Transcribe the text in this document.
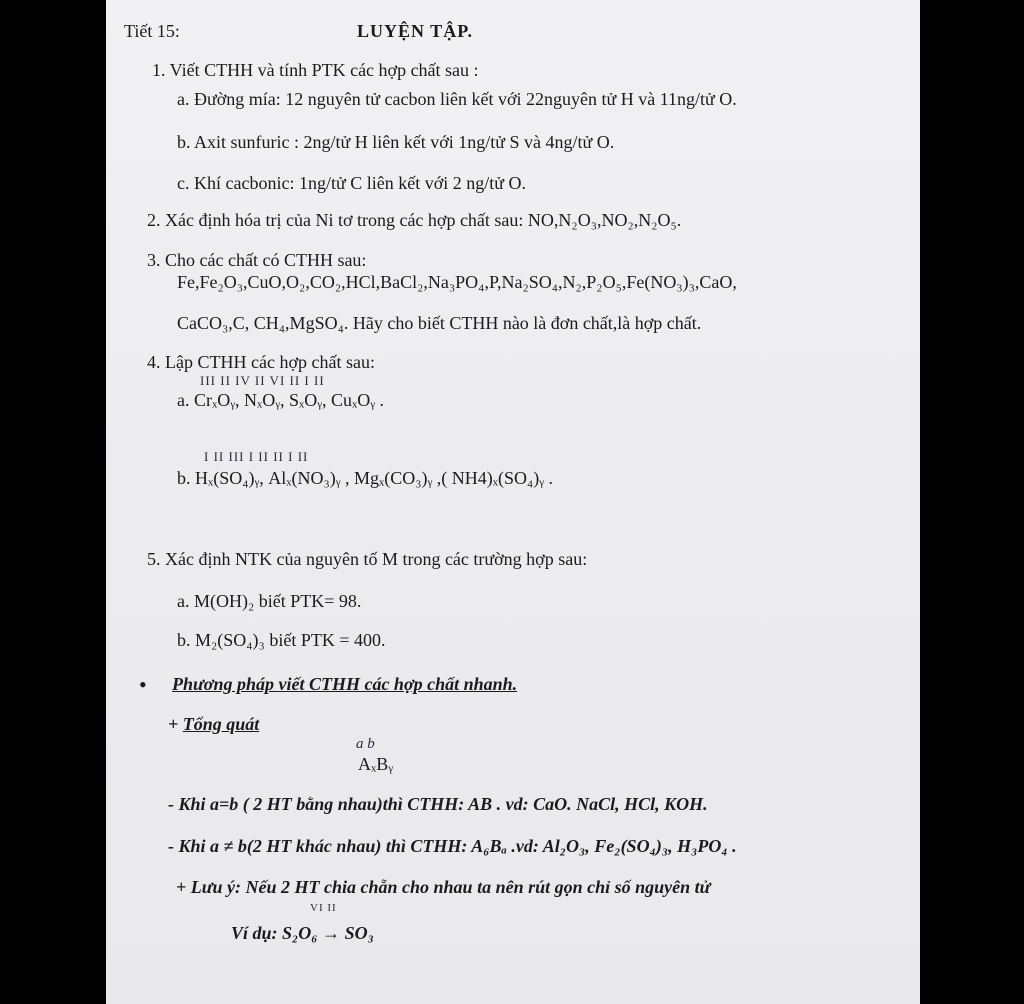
Tiết 15:	LUYỆN TẬP.
1. Viết CTHH và tính PTK các hợp chất sau :
a. Đường mía: 12 nguyên tử cacbon liên kết với 22nguyên tử H và 11ng/tử O.
b. Axit sunfuric : 2ng/tử H liên kết với 1ng/tử S và 4ng/tử O.
c. Khí cacbonic: 1ng/tử C liên kết với 2 ng/tử O.
2. Xác định hóa trị của Ni tơ trong các hợp chất sau: NO,N₂O₃,NO₂,N₂O₅.
3. Cho các chất có CTHH sau:
Fe,Fe₂O₃,CuO,O₂,CO₂,HCl,BaCl₂,Na₃PO₄,P,Na₂SO₄,N₂,P₂O₅,Fe(NO₃)₃,CaO,
CaCO₃,C, CH₄,MgSO₄. Hãy cho biết CTHH nào là đơn chất,là hợp chất.
4. Lập CTHH các hợp chất sau:
III II IV II VI II I II
a. CrₓOᵧ, NₓOᵧ, SₓOᵧ, CuₓOᵧ .
I II III I II II I II
b. Hₓ(SO₄)ᵧ, Alₓ(NO₃)ᵧ , Mgₓ(CO₃)ᵧ ,( NH4)ₓ(SO₄)ᵧ .
5. Xác định NTK của nguyên tố M trong các trường hợp sau:
a. M(OH)₂ biết PTK= 98.
b. M₂(SO₄)₃ biết PTK = 400.
• Phương pháp viết CTHH các hợp chất nhanh.
+ Tổng quát
a b
AₓBᵧ
- Khi a=b ( 2 HT bằng nhau)thì CTHH: AB . vd: CaO. NaCl, HCl, KOH.
- Khi a ≠ b(2 HT khác nhau) thì CTHH: A₆Bₐ .vd: Al₂O₃, Fe₂(SO₄)₃, H₃PO₄ .
+ Lưu ý: Nếu 2 HT chia chẵn cho nhau ta nên rút gọn chỉ số nguyên tử
VI II
Ví dụ: S₂O₆ → SO₃
